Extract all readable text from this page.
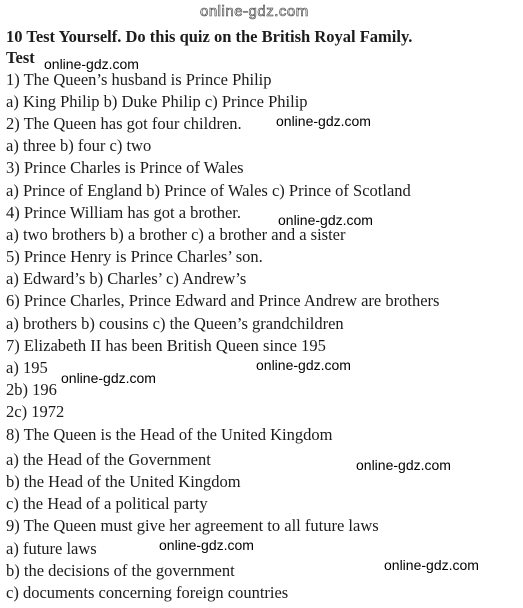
online-gdz.com
10 Test Yourself. Do this quiz on the British Royal Family.
Test
1) The Queen’s husband is Prince Philip
a) King Philip b) Duke Philip c) Prince Philip
2) The Queen has got four children.
a) three b) four c) two
3) Prince Charles is Prince of Wales
a) Prince of England b) Prince of Wales c) Prince of Scotland
4) Prince William has got a brother.
a) two brothers b) a brother c) a brother and a sister
5) Prince Henry is Prince Charles’ son.
a) Edward’s b) Charles’ c) Andrew’s
6) Prince Charles, Prince Edward and Prince Andrew are brothers
a) brothers b) cousins c) the Queen’s grandchildren
7) Elizabeth II has been British Queen since 195
a) 195
2b) 196
2c) 1972
8) The Queen is the Head of the United Kingdom
a) the Head of the Government
b) the Head of the United Kingdom
c) the Head of a political party
9) The Queen must give her agreement to all future laws
a) future laws
b) the decisions of the government
c) documents concerning foreign countries
online-gdz.com
online-gdz.com
online-gdz.com
online-gdz.com
online-gdz.com
online-gdz.com
online-gdz.com
online-gdz.com
